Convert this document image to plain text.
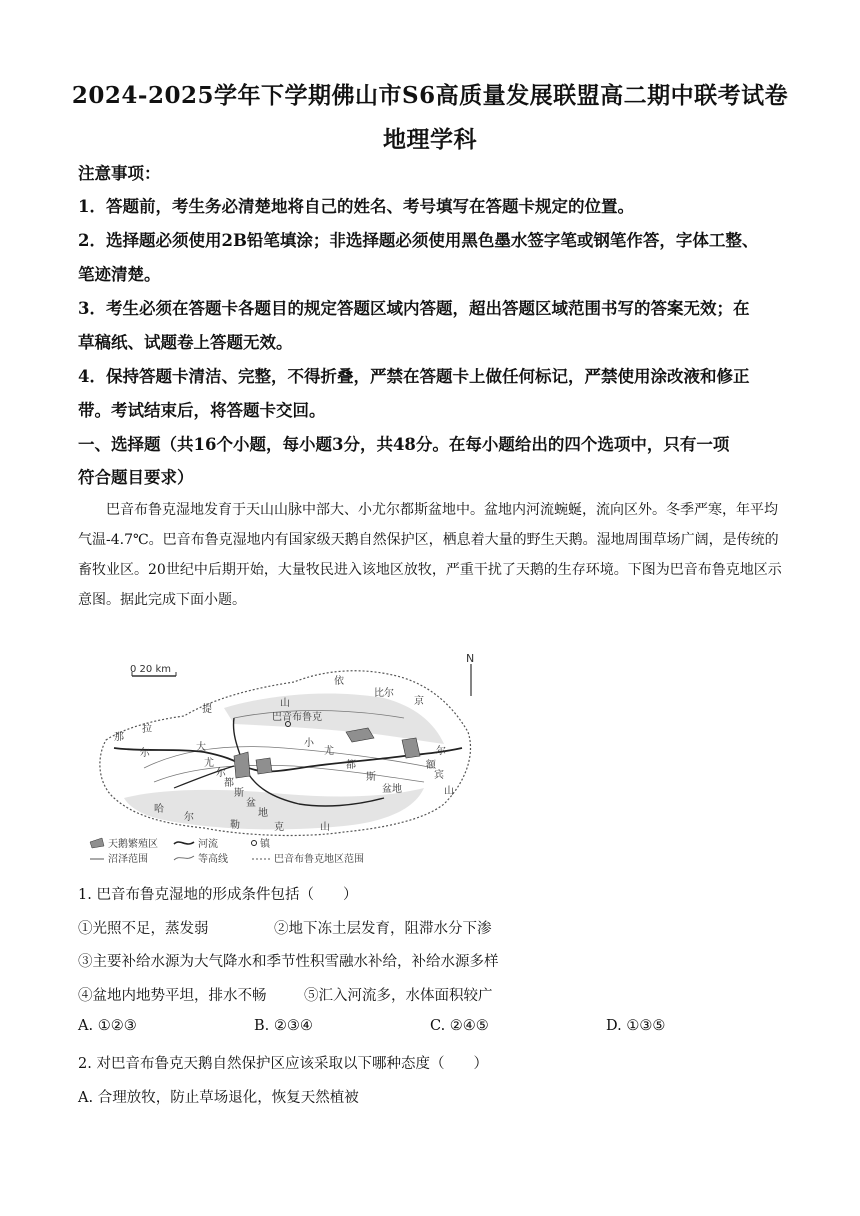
2024-2025学年下学期佛山市S6高质量发展联盟高二期中联考试卷
地理学科
注意事项：
1．答题前，考生务必清楚地将自己的姓名、考号填写在答题卡规定的位置。
2．选择题必须使用2B铅笔填涂；非选择题必须使用黑色墨水签字笔或钢笔作答，字体工整、
笔迹清楚。
3．考生必须在答题卡各题目的规定答题区域内答题，超出答题区域范围书写的答案无效；在
草稿纸、试题卷上答题无效。
4．保持答题卡清洁、完整，不得折叠，严禁在答题卡上做任何标记，严禁使用涂改液和修正
带。考试结束后，将答题卡交回。
一、选择题（共16个小题，每小题3分，共48分。在每小题给出的四个选项中，只有一项
符合题目要求）
巴音布鲁克湿地发育于天山山脉中部大、小尤尔都斯盆地中。盆地内河流蜿蜒，流向区外。冬季严寒，年平均气温-4.7℃。巴音布鲁克湿地内有国家级天鹅自然保护区，栖息着大量的野生天鹅。湿地周围草场广阔，是传统的畜牧业区。20世纪中后期开始，大量牧民进入该地区放牧，严重干扰了天鹅的生存环境。下图为巴音布鲁克地区示意图。据此完成下面小题。
0 20 km
N
巴音布鲁克
那
拉
提
山
依
比尔
京
尔
大
尤
尔
都
斯
盆
地
小
尤
都
斯
盆地
哈
尔
勒	克	山
额
尔
宾
山
天鹅繁殖区	河流	镇
沼泽范围	等高线	巴音布鲁克地区范围
1. 巴音布鲁克湿地的形成条件包括（　　）
①光照不足，蒸发弱	②地下冻土层发育，阻滞水分下渗
③主要补给水源为大气降水和季节性积雪融水补给，补给水源多样
④盆地内地势平坦，排水不畅	⑤汇入河流多，水体面积较广
A. ①②③	B. ②③④	C. ②④⑤	D. ①③⑤
2. 对巴音布鲁克天鹅自然保护区应该采取以下哪种态度（　　）
A. 合理放牧，防止草场退化，恢复天然植被
